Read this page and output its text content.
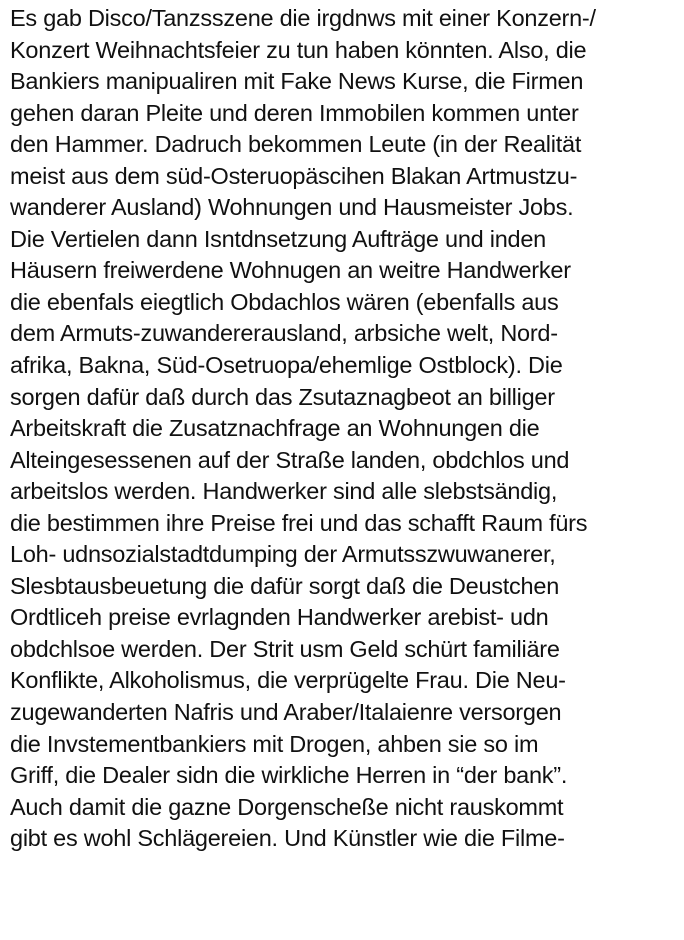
Es gab Disco/Tanzsszene die irgdnws mit einer Konzern-/
Konzert Weihnachtsfeier zu tun haben könnten. Also, die
Bankiers manipualiren mit Fake News Kurse, die Firmen
gehen daran Pleite und deren Immobilen kommen unter
den Hammer. Dadruch bekommen Leute (in der Realität
meist aus dem süd-Osteruopäscihen Blakan Artmustzu-
wanderer Ausland) Wohnungen und Hausmeister Jobs.
Die Vertielen dann Isntdnsetzung Aufträge und inden
Häusern freiwerdene Wohnugen an weitre Handwerker
die ebenfals eiegtlich Obdachlos wären (ebenfalls aus
dem Armuts-zuwandererausland, arbsiche welt, Nord-
afrika, Bakna, Süd-Osetruopa/ehemlige Ostblock). Die
sorgen dafür daß durch das Zsutaznagbeot an billiger
Arbeitskraft die Zusatznachfrage an Wohnungen die
Alteingesessenen auf der Straße landen, obdchlos und
arbeitslos werden. Handwerker sind alle slebstsändig,
die bestimmen ihre Preise frei und das schafft Raum fürs
Loh- udnsozialstadtdumping der Armutsszwuwanerer,
Slesbtausbeuetung die dafür sorgt daß die Deustchen
Ordtliceh preise evrlagnden Handwerker arebist- udn
obdchlsoe werden. Der Strit usm Geld schürt familiäre
Konflikte, Alkoholismus, die verprügelte Frau. Die Neu-
zugewanderten Nafris und Araber/Italaienre versorgen
die Invstementbankiers mit Drogen, ahben sie so im
Griff, die Dealer sidn die wirkliche Herren in “der bank”.
Auch damit die gazne Dorgenscheße nicht rauskommt
gibt es wohl Schlägereien. Und Künstler wie die Filme-
